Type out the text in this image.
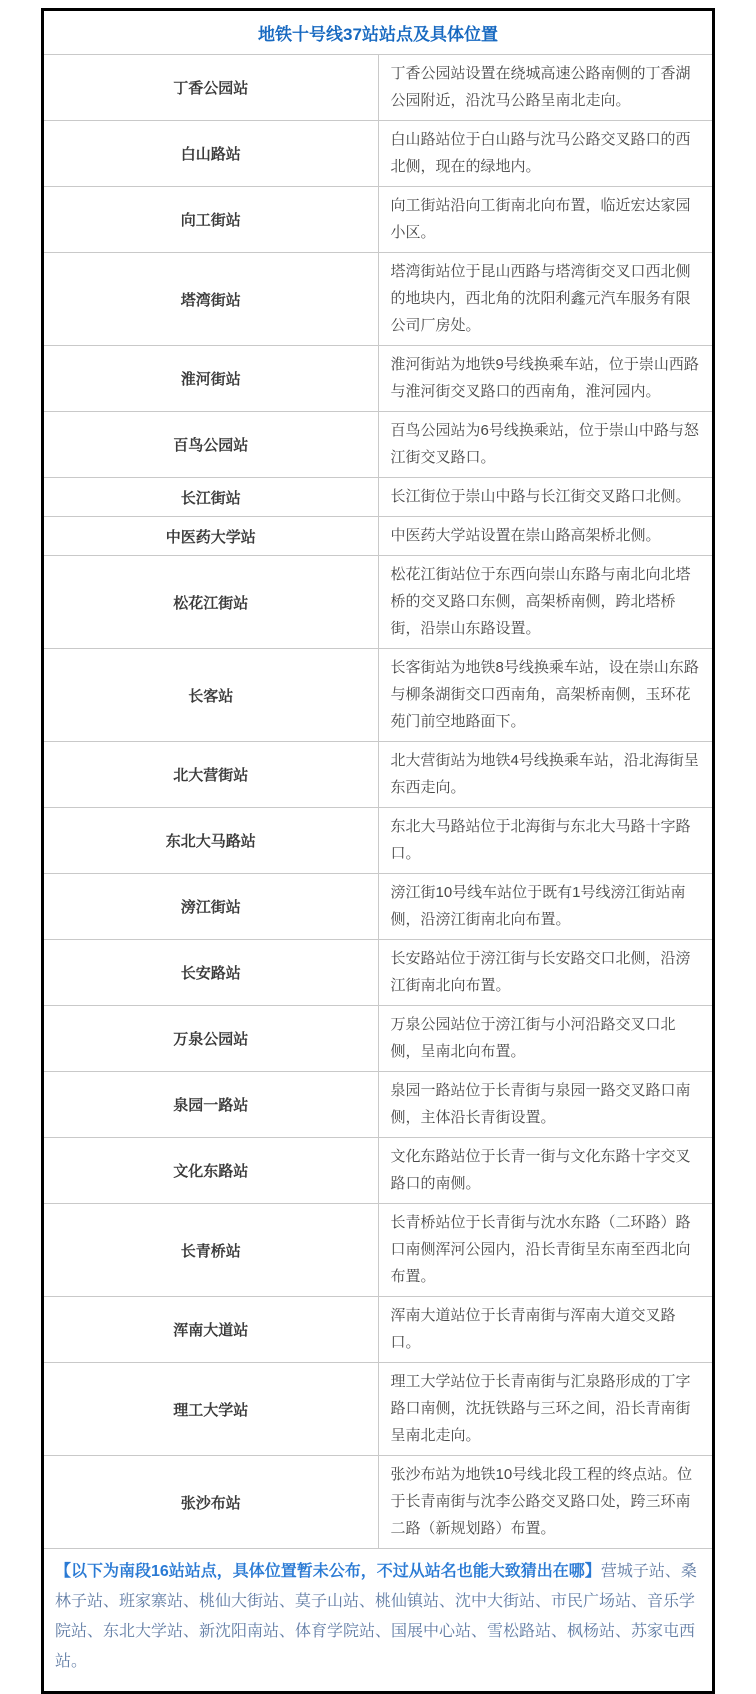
地铁十号线37站站点及具体位置	
丁香公园站	丁香公园站设置在绕城高速公路南侧的丁香湖公园附近，沿沈马公路呈南北走向。
白山路站	白山路站位于白山路与沈马公路交叉路口的西北侧，现在的绿地内。
向工街站	向工街站沿向工街南北向布置，临近宏达家园小区。
塔湾街站	塔湾街站位于昆山西路与塔湾街交叉口西北侧的地块内，西北角的沈阳利鑫元汽车服务有限公司厂房处。
淮河街站	淮河街站为地铁9号线换乘车站，位于崇山西路与淮河街交叉路口的西南角，淮河园内。
百鸟公园站	百鸟公园站为6号线换乘站，位于崇山中路与怒江街交叉路口。
长江街站	长江街位于崇山中路与长江街交叉路口北侧。
中医药大学站	中医药大学站设置在崇山路高架桥北侧。
松花江街站	松花江街站位于东西向崇山东路与南北向北塔桥的交叉路口东侧，高架桥南侧，跨北塔桥街，沿崇山东路设置。
长客站	长客街站为地铁8号线换乘车站，设在崇山东路与柳条湖街交口西南角，高架桥南侧，玉环花苑门前空地路面下。
北大营街站	北大营街站为地铁4号线换乘车站，沿北海街呈东西走向。
东北大马路站	东北大马路站位于北海街与东北大马路十字路口。
滂江街站	滂江街10号线车站位于既有1号线滂江街站南侧，沿滂江街南北向布置。
长安路站	长安路站位于滂江街与长安路交口北侧，沿滂江街南北向布置。
万泉公园站	万泉公园站位于滂江街与小河沿路交叉口北侧，呈南北向布置。
泉园一路站	泉园一路站位于长青街与泉园一路交叉路口南侧，主体沿长青街设置。
文化东路站	文化东路站位于长青一街与文化东路十字交叉路口的南侧。
长青桥站	长青桥站位于长青街与沈水东路（二环路）路口南侧浑河公园内，沿长青街呈东南至西北向布置。
浑南大道站	浑南大道站位于长青南街与浑南大道交叉路口。
理工大学站	理工大学站位于长青南街与汇泉路形成的丁字路口南侧，沈抚铁路与三环之间，沿长青南街呈南北走向。
张沙布站	张沙布站为地铁10号线北段工程的终点站。位于长青南街与沈李公路交叉路口处，跨三环南二路（新规划路）布置。
【以下为南段16站站点，具体位置暂未公布，不过从站名也能大致猜出在哪】营城子站、桑林子站、班家寨站、桃仙大街站、莫子山站、桃仙镇站、沈中大街站、市民广场站、音乐学院站、东北大学站、新沈阳南站、体育学院站、国展中心站、雪松路站、枫杨站、苏家屯西站。	
